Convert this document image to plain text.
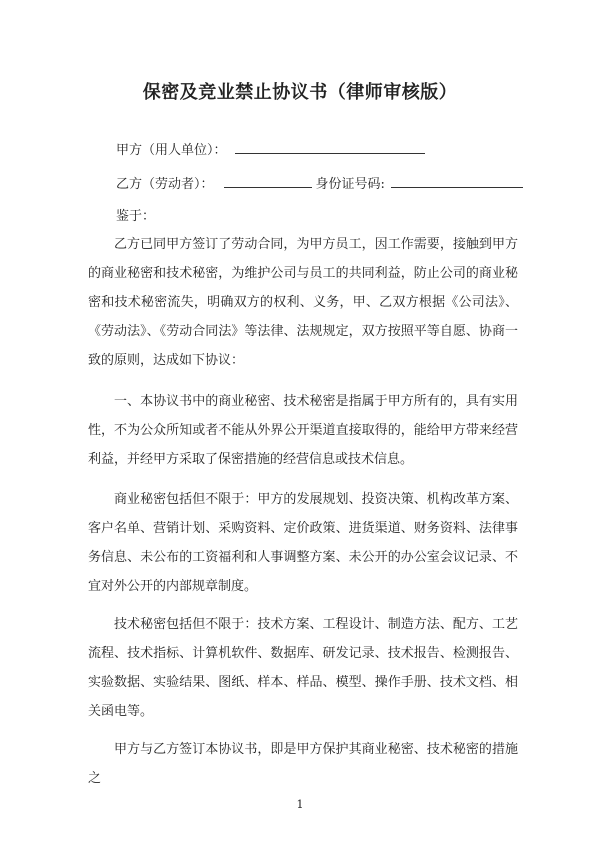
保密及竞业禁止协议书（律师审核版）
甲方（用人单位）：
乙方（劳动者）：	身份证号码:
鉴于：
乙方已同甲方签订了劳动合同，为甲方员工，因工作需要，接触到甲方的商业秘密和技术秘密，为维护公司与员工的共同利益，防止公司的商业秘密和技术秘密流失，明确双方的权利、义务，甲、乙双方根据《公司法》、《劳动法》、《劳动合同法》等法律、法规规定，双方按照平等自愿、协商一致的原则，达成如下协议：
一、本协议书中的商业秘密、技术秘密是指属于甲方所有的，具有实用性，不为公众所知或者不能从外界公开渠道直接取得的，能给甲方带来经营利益，并经甲方采取了保密措施的经营信息或技术信息。
商业秘密包括但不限于：甲方的发展规划、投资决策、机构改革方案、客户名单、营销计划、采购资料、定价政策、进货渠道、财务资料、法律事务信息、未公布的工资福利和人事调整方案、未公开的办公室会议记录、不宜对外公开的内部规章制度。
技术秘密包括但不限于：技术方案、工程设计、制造方法、配方、工艺流程、技术指标、计算机软件、数据库、研发记录、技术报告、检测报告、实验数据、实验结果、图纸、样本、样品、模型、操作手册、技术文档、相关函电等。
甲方与乙方签订本协议书，即是甲方保护其商业秘密、技术秘密的措施之
1
